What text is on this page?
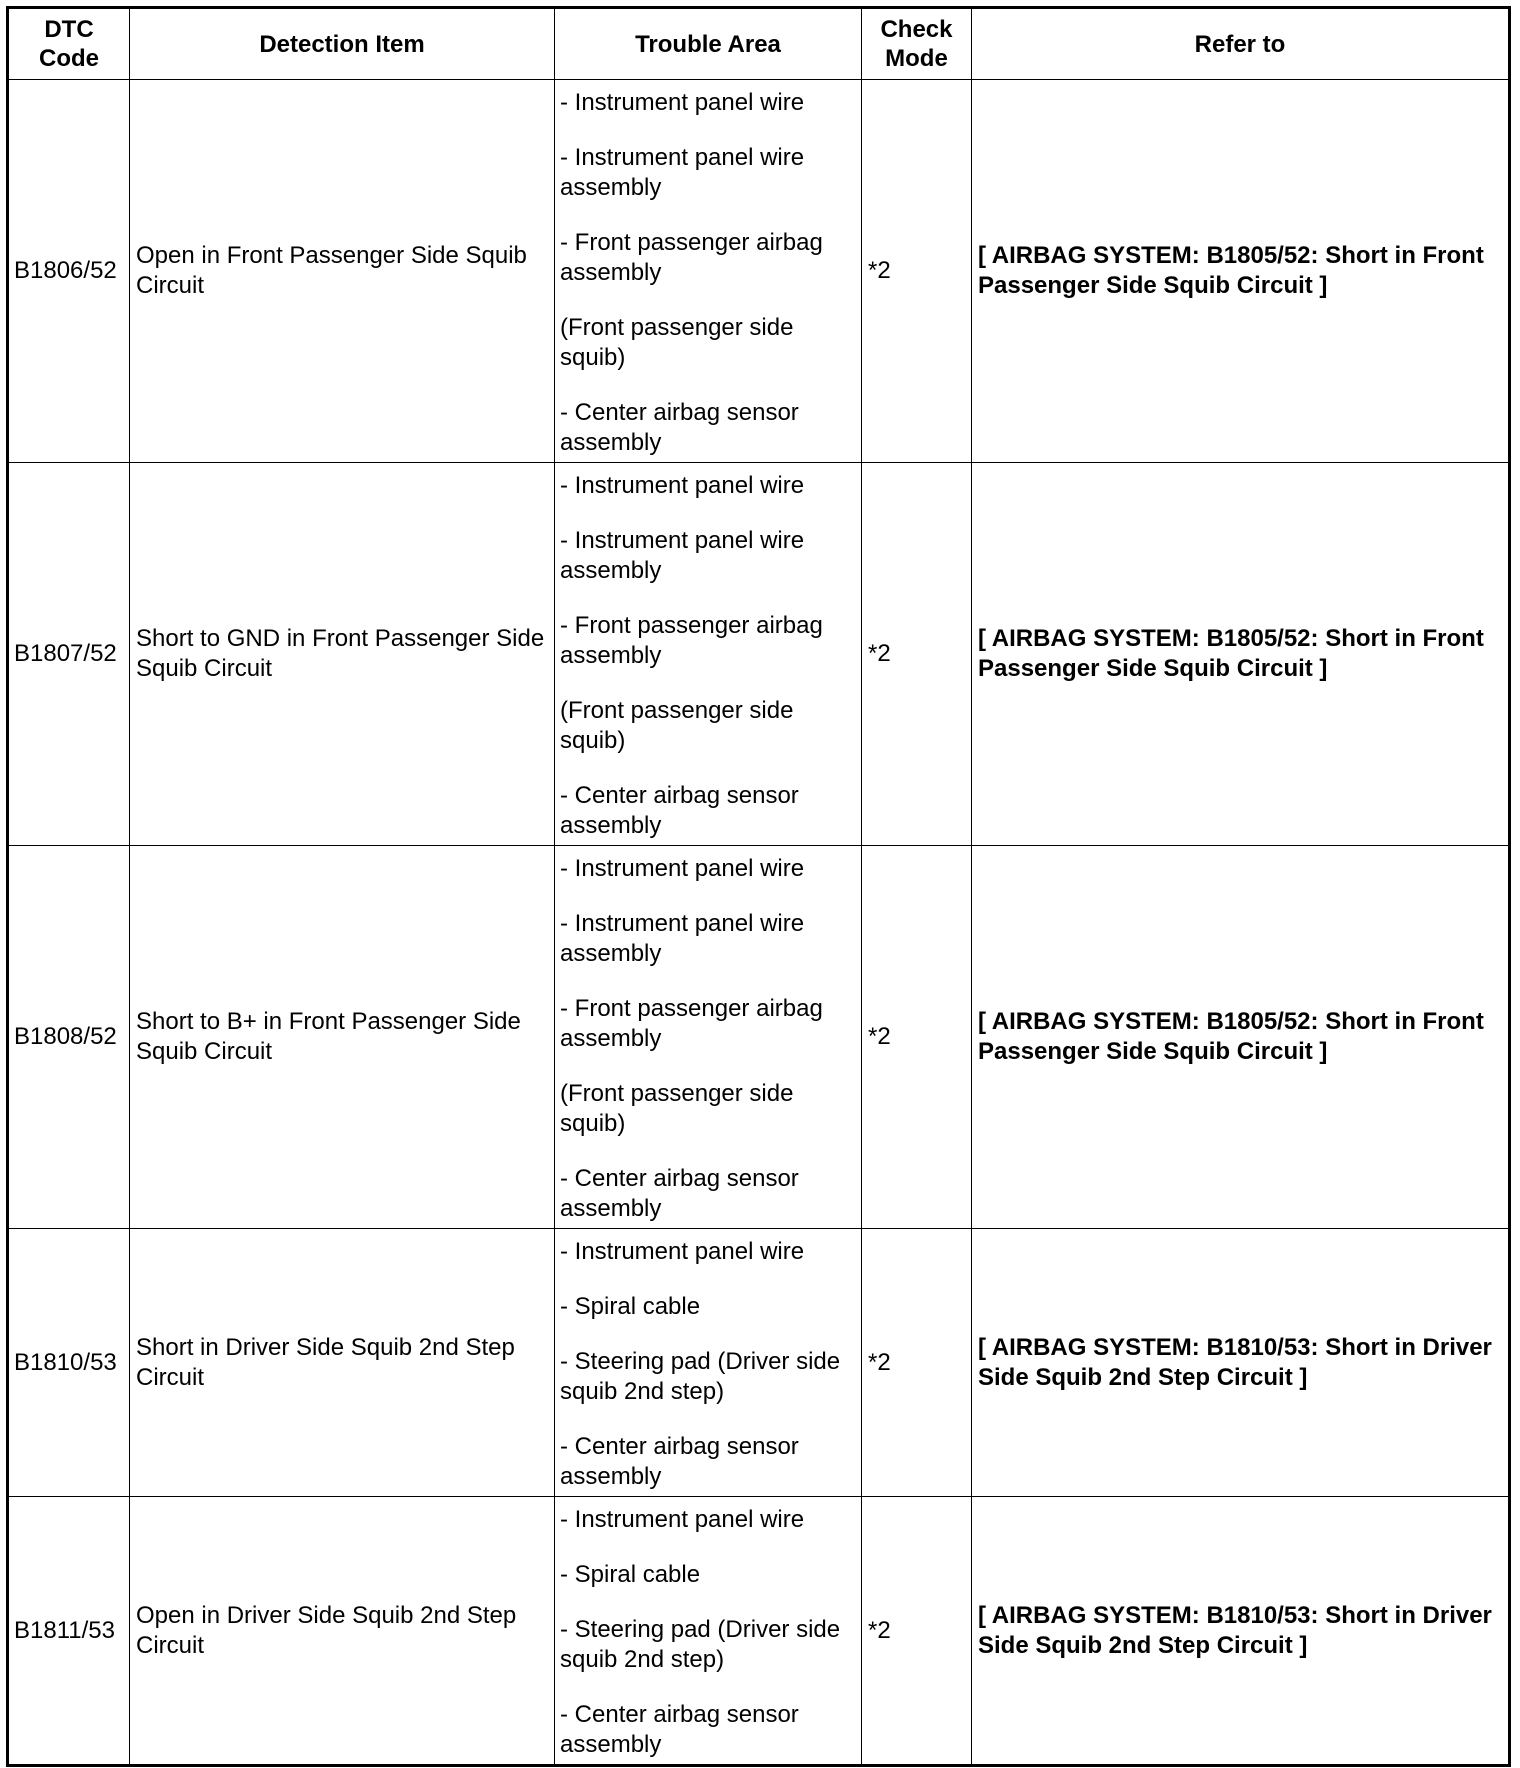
DTC Code	Detection Item	Trouble Area	Check Mode	Refer to
B1806/52	Open in Front Passenger Side Squib Circuit	- Instrument panel wire
- Instrument panel wire assembly
- Front passenger airbag assembly
(Front passenger side squib)
- Center airbag sensor assembly	*2	[ AIRBAG SYSTEM: B1805/52: Short in Front Passenger Side Squib Circuit ]
B1807/52	Short to GND in Front Passenger Side Squib Circuit	- Instrument panel wire
- Instrument panel wire assembly
- Front passenger airbag assembly
(Front passenger side squib)
- Center airbag sensor assembly	*2	[ AIRBAG SYSTEM: B1805/52: Short in Front Passenger Side Squib Circuit ]
B1808/52	Short to B+ in Front Passenger Side Squib Circuit	- Instrument panel wire
- Instrument panel wire assembly
- Front passenger airbag assembly
(Front passenger side squib)
- Center airbag sensor assembly	*2	[ AIRBAG SYSTEM: B1805/52: Short in Front Passenger Side Squib Circuit ]
B1810/53	Short in Driver Side Squib 2nd Step Circuit	- Instrument panel wire
- Spiral cable
- Steering pad (Driver side squib 2nd step)
- Center airbag sensor assembly	*2	[ AIRBAG SYSTEM: B1810/53: Short in Driver Side Squib 2nd Step Circuit ]
B1811/53	Open in Driver Side Squib 2nd Step Circuit	- Instrument panel wire
- Spiral cable
- Steering pad (Driver side squib 2nd step)
- Center airbag sensor assembly	*2	[ AIRBAG SYSTEM: B1810/53: Short in Driver Side Squib 2nd Step Circuit ]
